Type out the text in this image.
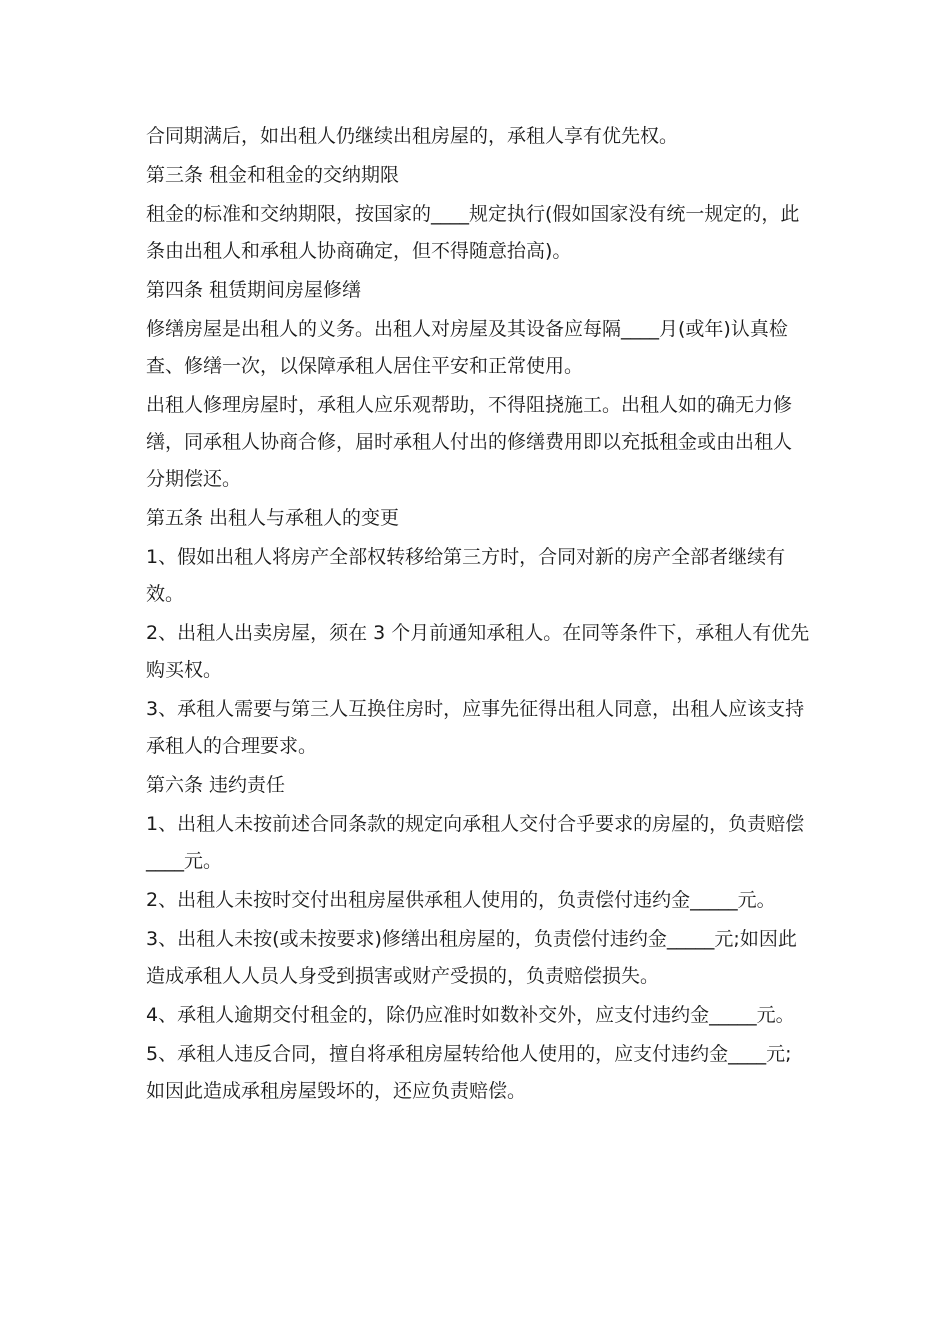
合同期满后，如出租人仍继续出租房屋的，承租人享有优先权。

第三条 租金和租金的交纳期限

租金的标准和交纳期限，按国家的____规定执行(假如国家没有统一规定的，此条由出租人和承租人协商确定，但不得随意抬高)。

第四条 租赁期间房屋修缮

修缮房屋是出租人的义务。出租人对房屋及其设备应每隔____月(或年)认真检查、修缮一次，以保障承租人居住平安和正常使用。

出租人修理房屋时，承租人应乐观帮助，不得阻挠施工。出租人如的确无力修缮，同承租人协商合修，届时承租人付出的修缮费用即以充抵租金或由出租人分期偿还。

第五条 出租人与承租人的变更

1、假如出租人将房产全部权转移给第三方时，合同对新的房产全部者继续有效。

2、出租人出卖房屋，须在 3 个月前通知承租人。在同等条件下，承租人有优先购买权。

3、承租人需要与第三人互换住房时，应事先征得出租人同意，出租人应该支持承租人的合理要求。

第六条 违约责任

1、出租人未按前述合同条款的规定向承租人交付合乎要求的房屋的，负责赔偿____元。

2、出租人未按时交付出租房屋供承租人使用的，负责偿付违约金_____元。

3、出租人未按(或未按要求)修缮出租房屋的，负责偿付违约金_____元;如因此造成承租人人员人身受到损害或财产受损的，负责赔偿损失。

4、承租人逾期交付租金的，除仍应准时如数补交外，应支付违约金_____元。

5、承租人违反合同，擅自将承租房屋转给他人使用的，应支付违约金____元;如因此造成承租房屋毁坏的，还应负责赔偿。
